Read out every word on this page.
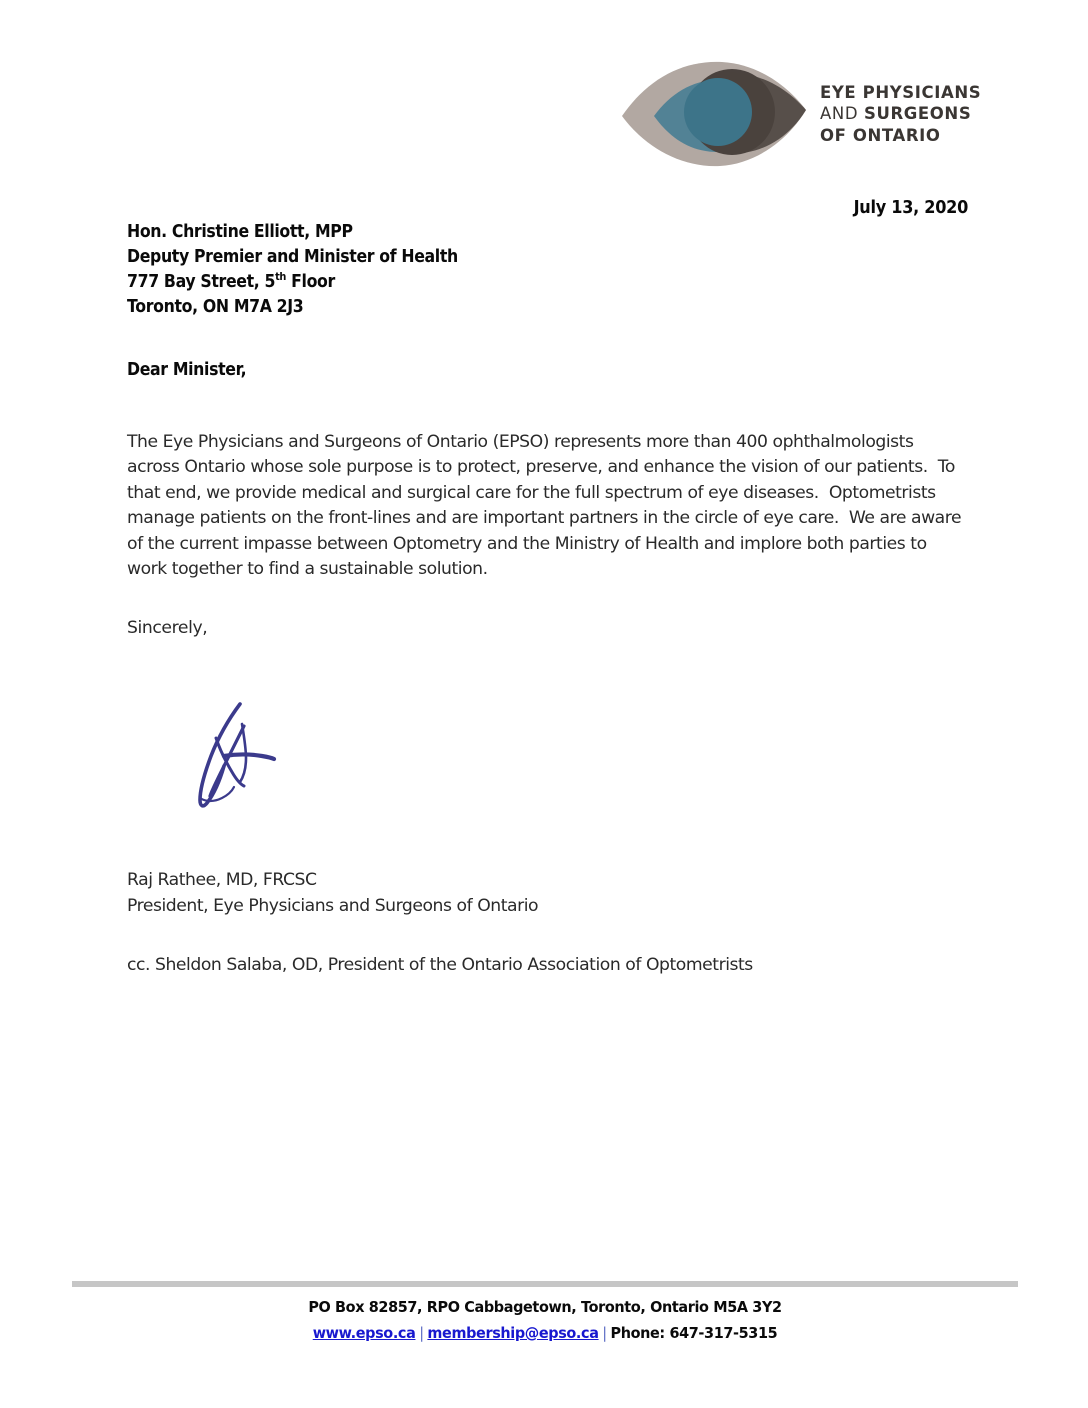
EYE PHYSICIANS
AND SURGEONS
OF ONTARIO
July 13, 2020
Hon. Christine Elliott, MPP
Deputy Premier and Minister of Health
777 Bay Street, 5th Floor
Toronto, ON M7A 2J3
Dear Minister,
The Eye Physicians and Surgeons of Ontario (EPSO) represents more than 400 ophthalmologists across Ontario whose sole purpose is to protect, preserve, and enhance the vision of our patients.  To that end, we provide medical and surgical care for the full spectrum of eye diseases.  Optometrists manage patients on the front-lines and are important partners in the circle of eye care.  We are aware of the current impasse between Optometry and the Ministry of Health and implore both parties to work together to find a sustainable solution.
Sincerely,
Raj Rathee, MD, FRCSC
President, Eye Physicians and Surgeons of Ontario
cc. Sheldon Salaba, OD, President of the Ontario Association of Optometrists
PO Box 82857, RPO Cabbagetown, Toronto, Ontario M5A 3Y2
www.epso.ca | membership@epso.ca | Phone: 647-317-5315
